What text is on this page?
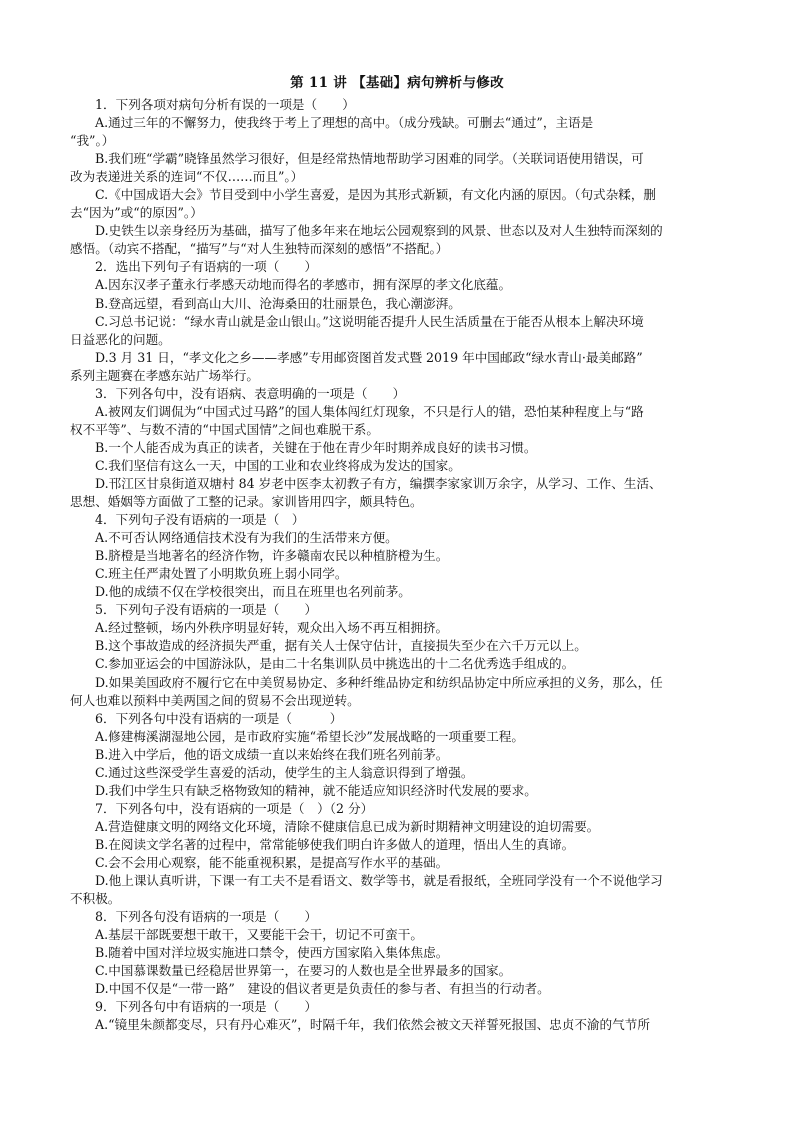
第 11 讲 【基础】病句辨析与修改
1．下列各项对病句分析有误的一项是（　　）
A.通过三年的不懈努力，使我终于考上了理想的高中。（成分残缺。可删去“通过”，主语是
“我”。）
B.我们班“学霸”晓锋虽然学习很好，但是经常热情地帮助学习困难的同学。（关联词语使用错误，可
改为表递进关系的连词“不仅……而且”。）
C.《中国成语大会》节目受到中小学生喜爱，是因为其形式新颖，有文化内涵的原因。（句式杂糅，删
去“因为”或“的原因”。）
D.史铁生以亲身经历为基础，描写了他多年来在地坛公园观察到的风景、世态以及对人生独特而深刻的
感悟。（动宾不搭配，“描写”与“对人生独特而深刻的感悟”不搭配。）
2．选出下列句子有语病的一项（　　）
A.因东汉孝子董永行孝感天动地而得名的孝感市，拥有深厚的孝文化底蕴。
B.登高远望，看到高山大川、沧海桑田的壮丽景色，我心潮澎湃。
C.习总书记说：“绿水青山就是金山银山。”这说明能否提升人民生活质量在于能否从根本上解决环境
日益恶化的问题。
D.3 月 31 日，“孝文化之乡——孝感”专用邮资图首发式暨 2019 年中国邮政“绿水青山·最美邮路”
系列主题赛在孝感东站广场举行。
3．下列各句中，没有语病、表意明确的一项是（　　）
A.被网友们调侃为“中国式过马路”的国人集体闯红灯现象，不只是行人的错，恐怕某种程度上与“路
权不平等”、与数不清的“中国式国情”之间也难脱干系。
B.一个人能否成为真正的读者，关键在于他在青少年时期养成良好的读书习惯。
C.我们坚信有这么一天，中国的工业和农业终将成为发达的国家。
D.邗江区甘泉街道双塘村 84 岁老中医李太初教子有方，编撰李家家训万余字，从学习、工作、生活、
思想、婚姻等方面做了工整的记录。家训皆用四字，颇具特色。
4．下列句子没有语病的一项是（　）
A.不可否认网络通信技术没有为我们的生活带来方便。
B.脐橙是当地著名的经济作物，许多赣南农民以种植脐橙为生。
C.班主任严肃处置了小明欺负班上弱小同学。
D.他的成绩不仅在学校很突出，而且在班里也名列前茅。
5．下列句子没有语病的一项是（　　）
A.经过整顿，场内外秩序明显好转，观众出入场不再互相拥挤。
B.这个事故造成的经济损失严重，据有关人士保守估计，直接损失至少在六千万元以上。
C.参加亚运会的中国游泳队，是由二十名集训队员中挑选出的十二名优秀选手组成的。
D.如果美国政府不履行它在中美贸易协定、多种纤维品协定和纺织品协定中所应承担的义务，那么，任
何人也难以预料中美两国之间的贸易不会出现逆转。
6．下列各句中没有语病的一项是（　　　）
A.修建梅溪湖湿地公园，是市政府实施“希望长沙”发展战略的一项重要工程。
B.进入中学后，他的语文成绩一直以来始终在我们班名列前茅。
C.通过这些深受学生喜爱的活动，使学生的主人翁意识得到了增强。
D.我们中学生只有缺乏格物致知的精神，就不能适应知识经济时代发展的要求。
7．下列各句中，没有语病的一项是（　）（2 分）
A.营造健康文明的网络文化环境，清除不健康信息已成为新时期精神文明建设的迫切需要。
B.在阅读文学名著的过程中，常常能够使我们明白许多做人的道理，悟出人生的真谛。
C.会不会用心观察，能不能重视积累，是提高写作水平的基础。
D.他上课认真听讲，下课一有工夫不是看语文、数学等书，就是看报纸，全班同学没有一个不说他学习
不积极。
8．下列各句没有语病的一项是（　　）
A.基层干部既要想干敢干，又要能干会干，切记不可蛮干。
B.随着中国对洋垃圾实施进口禁令，使西方国家陷入集体焦虑。
C.中国慕课数量已经稳居世界第一，在要习的人数也是全世界最多的国家。
D.中国不仅是“一带一路”　建设的倡议者更是负责任的参与者、有担当的行动者。
9．下列各句中有语病的一项是（　　）
A.“镜里朱颜都变尽，只有丹心难灭”，时隔千年，我们依然会被文天祥誓死报国、忠贞不渝的气节所
